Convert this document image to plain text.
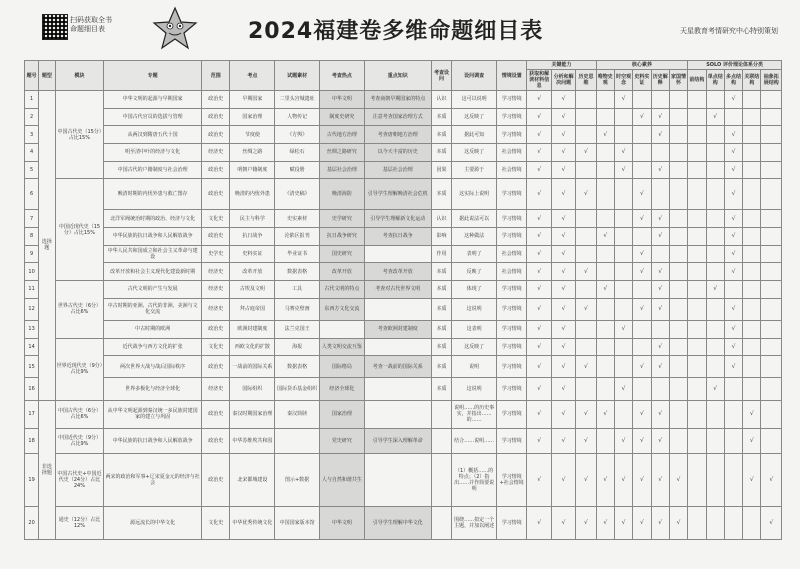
扫码获取全书
命题细目表	2024福建卷多维命题细目表	天星教育考情研究中心特别策划
题号	题型	模块	专题	范围	考点	试题素材	考查热点	重点知识	考查设问	设问调查	情境设置	关键能力			核心素养					SOLO 评价理论体系分类				
												获取和解读材料信息	分析和解决问题	历史思维	唯物史观	时空观念	史料实证	历史解释	家国情怀	前结构	单点结构	多点结构	关联结构	抽象拓展结构
1	选择题	中国古代史（15分）占比15%	中华文明的起源与早期国家	政治史	早期国家	二里头宫城遗址	中华文明	考查商朝早期国家的特点	认识	这可以说明	学习情境	√	√			√						√		
2			中国古代官员的选拔与管理	政治史	国家治理	人物传记	制度史研究	注意考查国家治理方式	本质	这反映了	学习情境	√	√				√	√			√			
3			从两汉到隋唐五代十国	政治史	节度使	《方舆》	古代地方治理	考查唐朝地方治理	本质	据此可知	学习情境	√	√		√			√				√		
4			明至清中叶的经济与文化	经济史	丝绸之路	绿松石	丝绸之路研究	以今天丰富的历史	本质	这反映了	社会情境	√	√	√		√						√		
5			中国古代的户籍制度与社会治理	政治史	明朝户籍制度	赋役册	基层社会治理	基层社会治理	因果	主要源于	社会情境	√	√			√		√				√		
6		中国近现代史（15分）占比15%	晚清时期的内忧外患与救亡图存	政治史	晚清的内忧外患	《清史稿》	晚清海防	引导学生理解晚清社会危机	本质	这实际上说明	学习情境	√	√	√			√					√		
7			北洋军阀统治时期的政治、经济与文化	文化史	民主与科学	史实素材	史学研究	引导学生理解新文化运动	认识	据此说法可以	学习情境	√	√				√	√				√		
8			中华民族的抗日战争和人民解放战争	政治史	抗日战争	沦陷区报刊	抗日战争研究	考查抗日战争	影响	这种做法	学习情境	√	√		√			√				√		
9			中华人民共和国成立和社会主义革命与建设	史学史	史料实证	毕业证书	国史研究		作用	表明了	社会情境	√	√				√					√		
10			改革开放和社会主义现代化建设新时期	经济史	改革开放	数据表格	改革开放	考查改革开放	本质	反映了	社会情境	√	√	√			√	√				√		
11		世界古代史（6分）占比6%	古代文明的产生与发展	经济史	古埃及文明	工具	古代文明的特点	考查对古代世界文明	本质	体现了	学习情境	√	√		√			√			√			
12			中古时期的亚洲、古代的非洲、美洲与文化交流	经济史	拜占庭帝国	马赛克壁画	东西方文化交流		本质	这说明	学习情境	√	√	√			√	√				√		
13			中古时期的欧洲	政治史	欧洲封建制度	法兰克国王		考查欧洲封建制度	本质	这表明	学习情境	√	√			√						√		
14		世界近现代史（9分）占比9%	近代战争与西方文化的扩张	文化史	西欧文化的扩散	海报	人类文明交流互鉴		本质	这反映了	学习情境	√	√					√				√		
15			两次世界大战与战后国际秩序	政治史	一战前的国际关系	数据表格	国际格局	考查一战前的国际关系	本质	说明	学习情境	√	√	√			√	√				√		
16			世界多极化与经济全球化	经济史	国际组织	国际货币基金组织	经济全球化		本质	这说明	学习情境	√	√			√					√			
17	非选择题	中国古代史（6分）占比6%	从中华文明起源到秦汉统一多民族封建国家的建立与巩固	政治史	秦汉时期国家治理	秦汉简牍	国家治理			说明……的历史事实，并指出……的……	学习情境	√	√	√	√		√	√					√	
18		中国近代史（9分）占比9%	中华民族的抗日战争和人民解放战争	政治史	中华苏维埃共和国		党史研究	引导学生深入理解革命		结合……说明……	学习情境	√	√	√		√	√	√					√	
19		中国古代史+中国近代史（24分）占比24%	两宋的政治和军事+辽宋夏金元的经济与社会	政治史	北宋都城建设	图示+数据	人与自然和谐共生			（1）概括……的特点；（2）指出……并作简要说明	学习情境+社会情境	√	√	√	√	√	√	√	√				√	√
20		通史（12分）占比12%	源远流长的中华文化	文化史	中华优秀传统文化	中国国家版本馆	中华文明	引导学生理解中华文化		围绕……拟定一个主题，并加以阐述	学习情境	√	√	√	√	√	√	√	√					√
